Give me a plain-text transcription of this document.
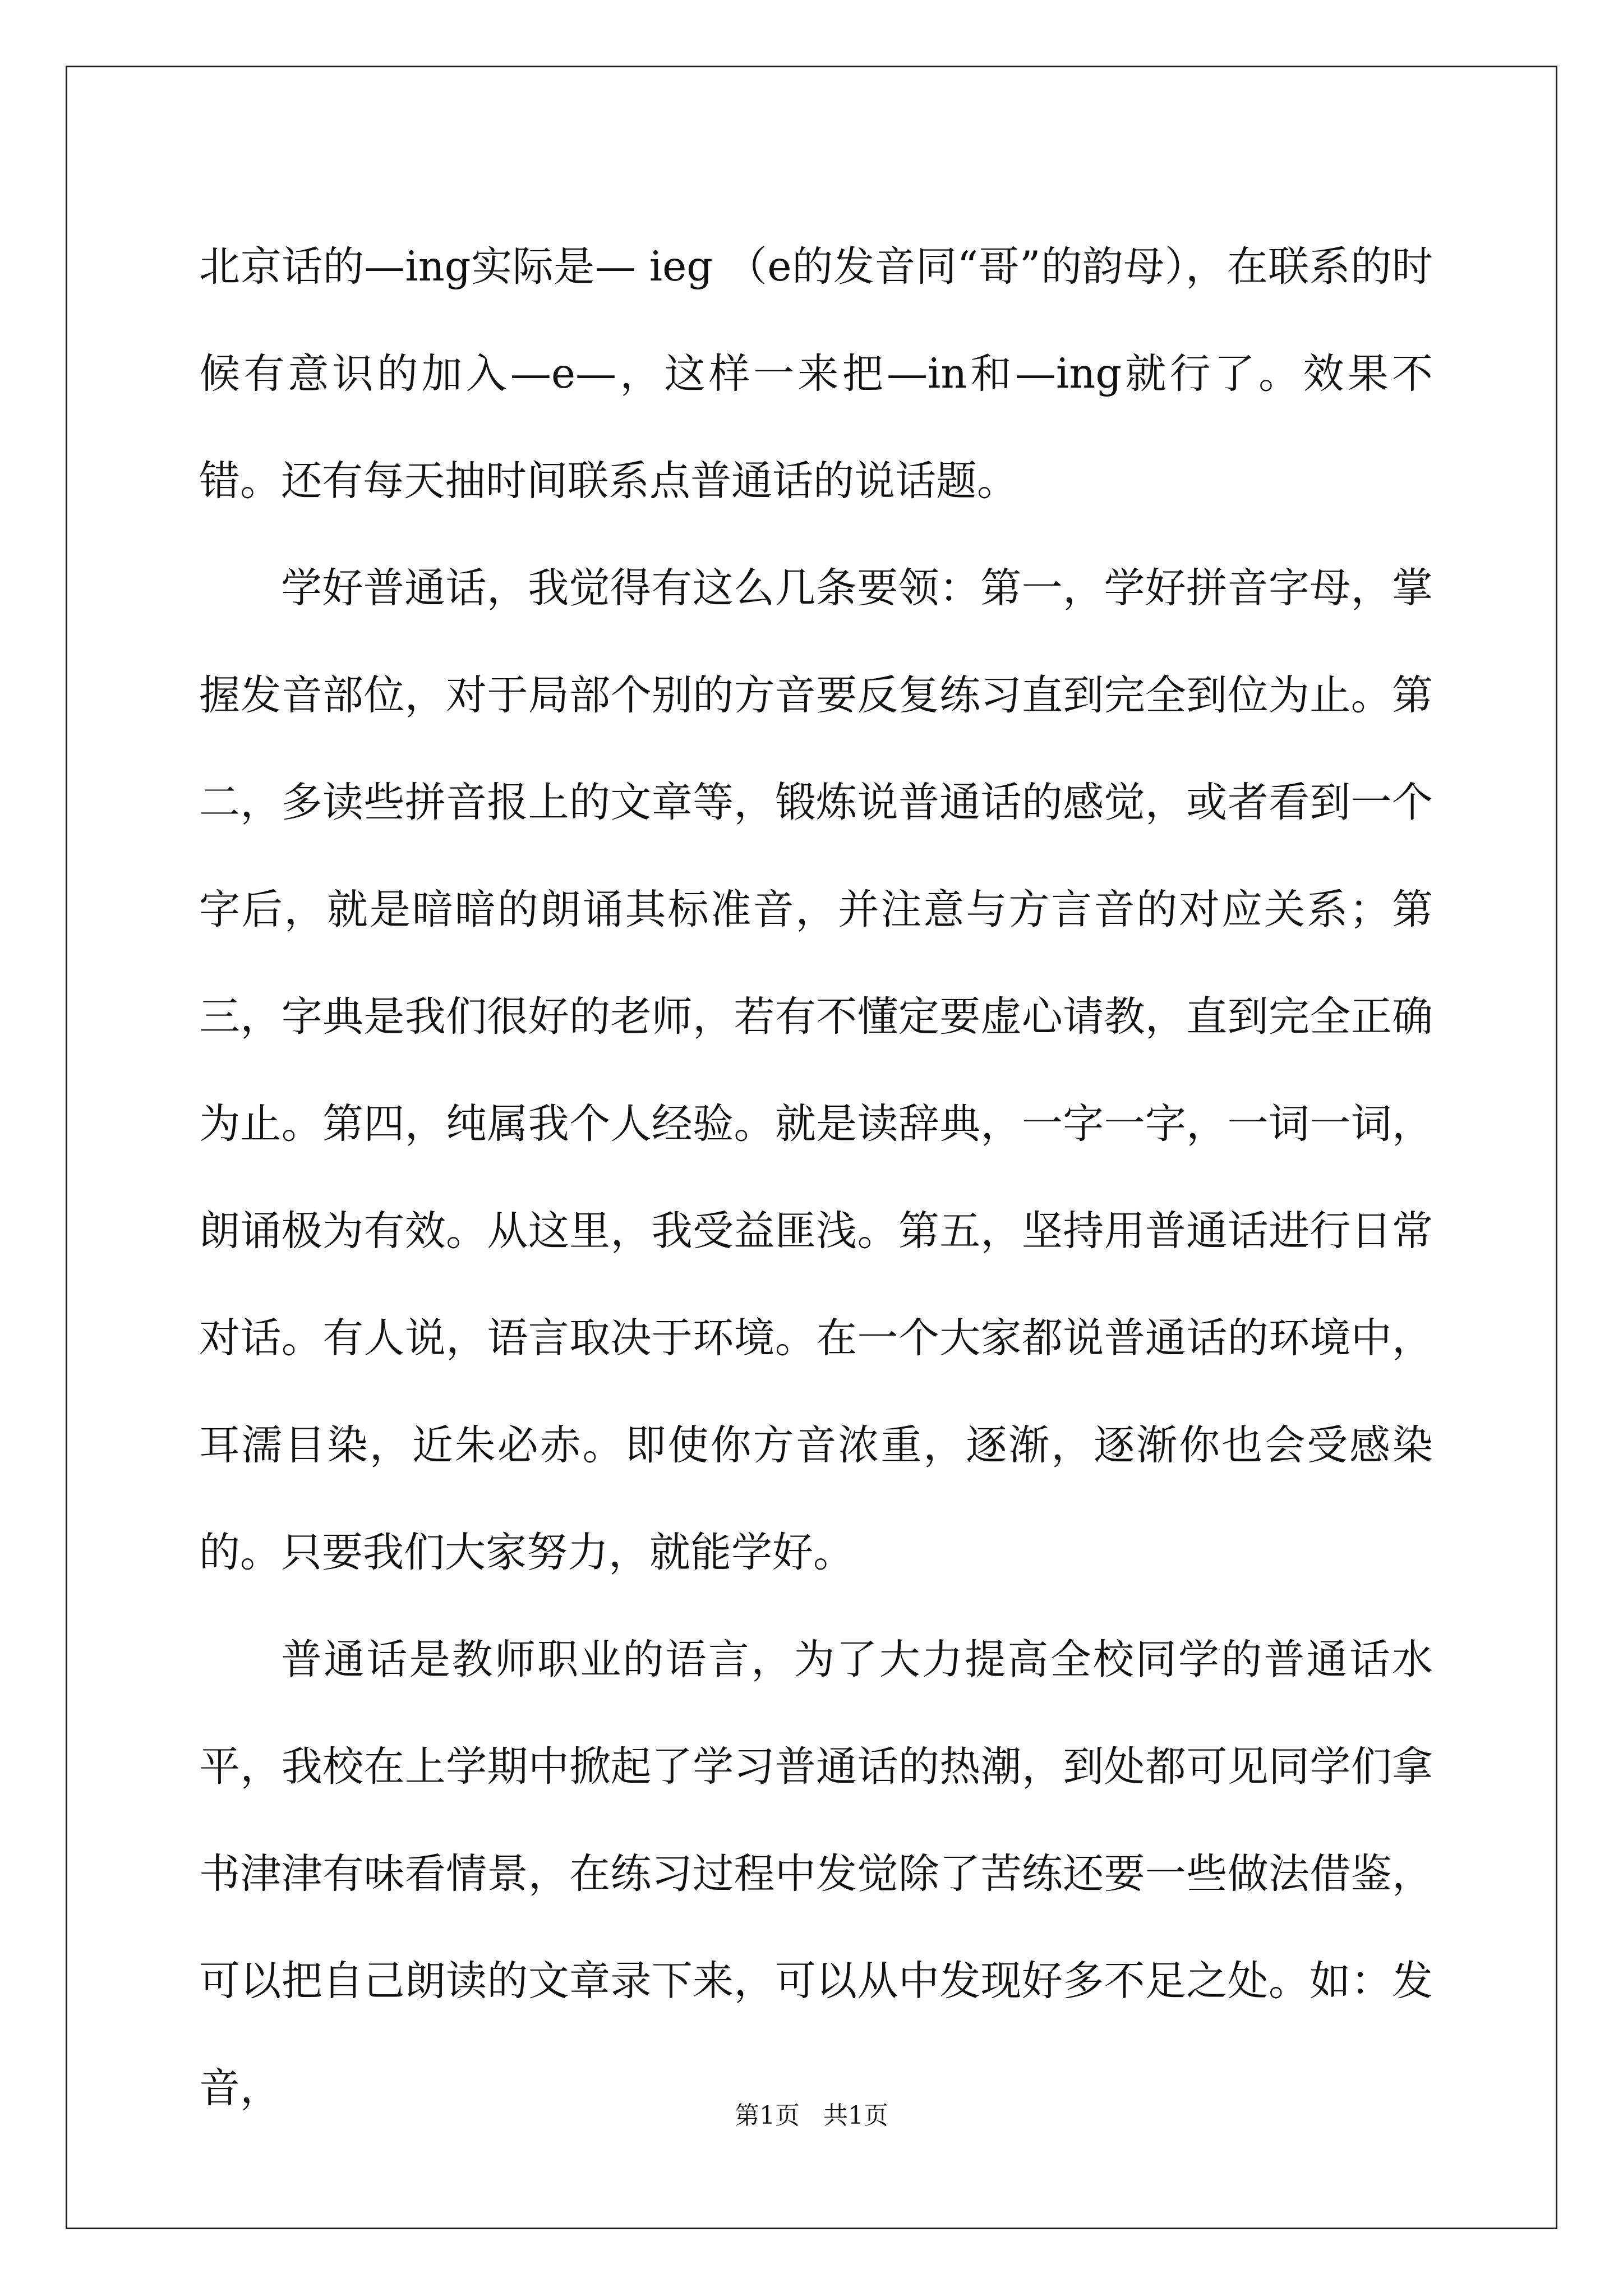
北京话的—ing实际是— ieg （e的发音同“哥”的韵母），在联系的时候有意识的加入—e—，这样一来把—in和—ing就行了。效果不错。还有每天抽时间联系点普通话的说话题。

学好普通话，我觉得有这么几条要领：第一，学好拼音字母，掌握发音部位，对于局部个别的方音要反复练习直到完全到位为止。第二，多读些拼音报上的文章等，锻炼说普通话的感觉，或者看到一个字后，就是暗暗的朗诵其标准音，并注意与方言音的对应关系；第三，字典是我们很好的老师，若有不懂定要虚心请教，直到完全正确为止。第四，纯属我个人经验。就是读辞典，一字一字，一词一词，朗诵极为有效。从这里，我受益匪浅。第五，坚持用普通话进行日常对话。有人说，语言取决于环境。在一个大家都说普通话的环境中，耳濡目染，近朱必赤。即使你方音浓重，逐渐，逐渐你也会受感染的。只要我们大家努力，就能学好。

普通话是教师职业的语言，为了大力提高全校同学的普通话水平，我校在上学期中掀起了学习普通话的热潮，到处都可见同学们拿书津津有味看情景，在练习过程中发觉除了苦练还要一些做法借鉴，可以把自己朗读的文章录下来，可以从中发现好多不足之处。如：发音，

第1页   共1页
